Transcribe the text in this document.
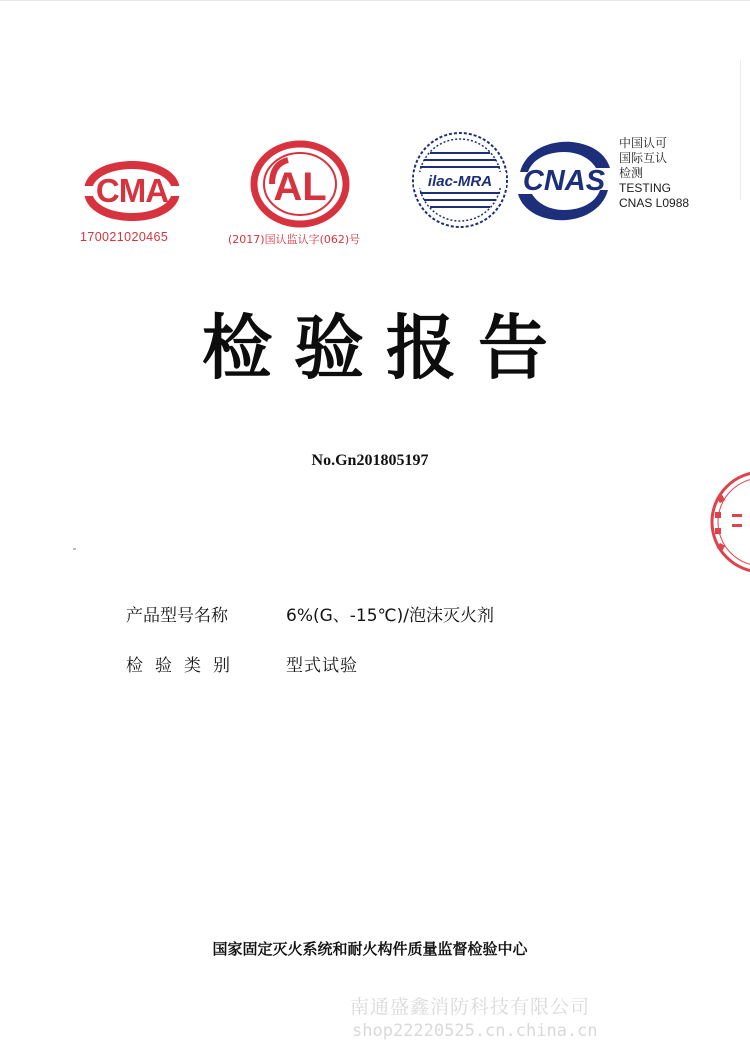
CMA
170021020465
AL
(2017)国认监认字(062)号
ilac-MRA CNAS
中国认可
国际互认
检测
TESTING
CNAS L0988
检验报告
No.Gn201805197
产品型号名称	6%(G、-15℃)/泡沫灭火剂
检验类别	型式试验
国家固定灭火系统和耐火构件质量监督检验中心
南通盛鑫消防科技有限公司
shop22220525.cn.china.cn
